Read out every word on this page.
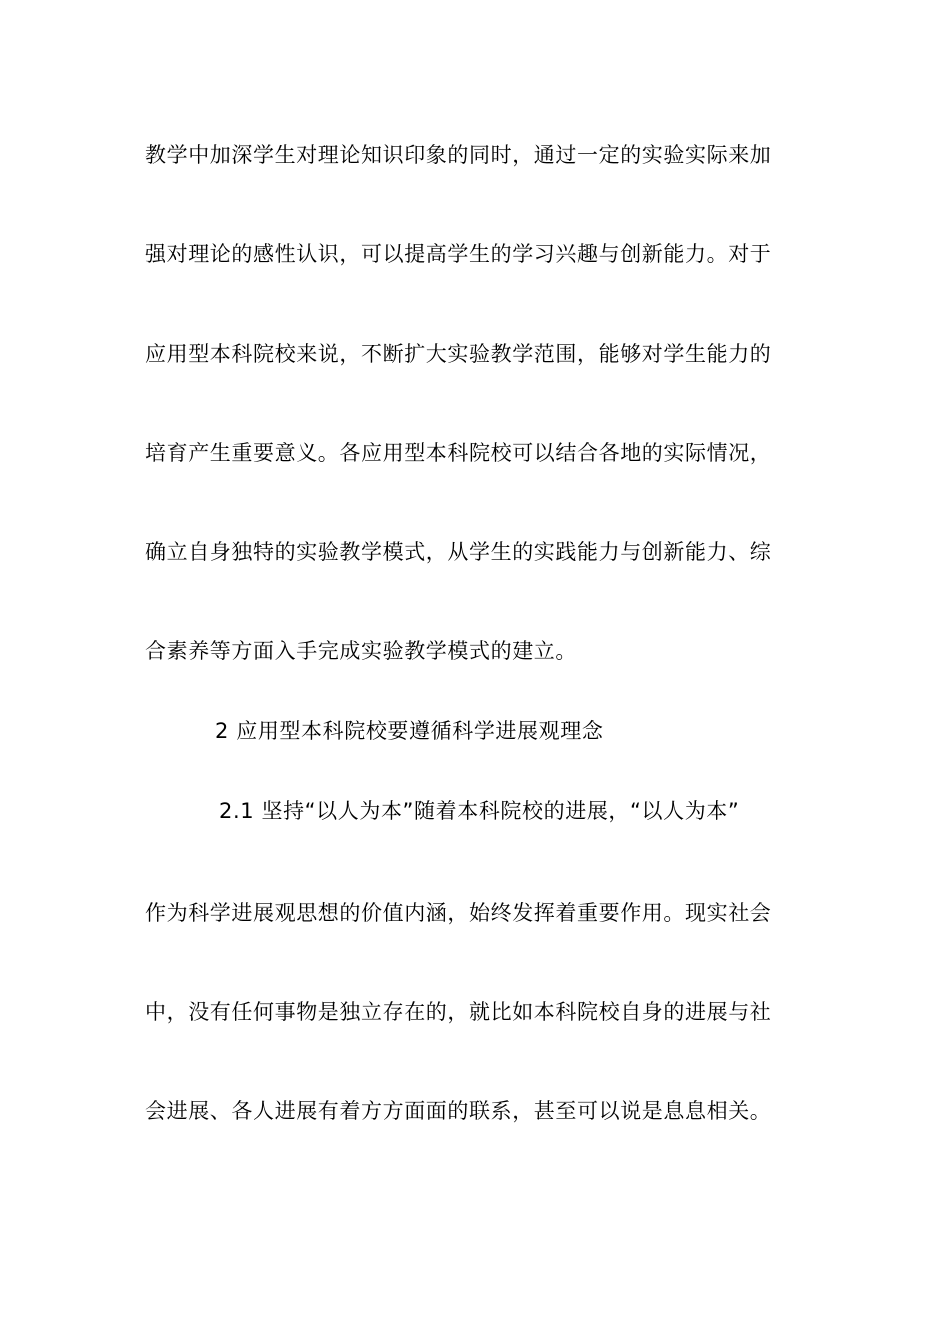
教学中加深学生对理论知识印象的同时，通过一定的实验实际来加
强对理论的感性认识，可以提高学生的学习兴趣与创新能力。对于
应用型本科院校来说，不断扩大实验教学范围，能够对学生能力的
培育产生重要意义。各应用型本科院校可以结合各地的实际情况，
确立自身独特的实验教学模式，从学生的实践能力与创新能力、综
合素养等方面入手完成实验教学模式的建立。
2 应用型本科院校要遵循科学进展观理念
2.1 坚持“以人为本”随着本科院校的进展，“以人为本”
作为科学进展观思想的价值内涵，始终发挥着重要作用。现实社会
中，没有任何事物是独立存在的，就比如本科院校自身的进展与社
会进展、各人进展有着方方面面的联系，甚至可以说是息息相关。
